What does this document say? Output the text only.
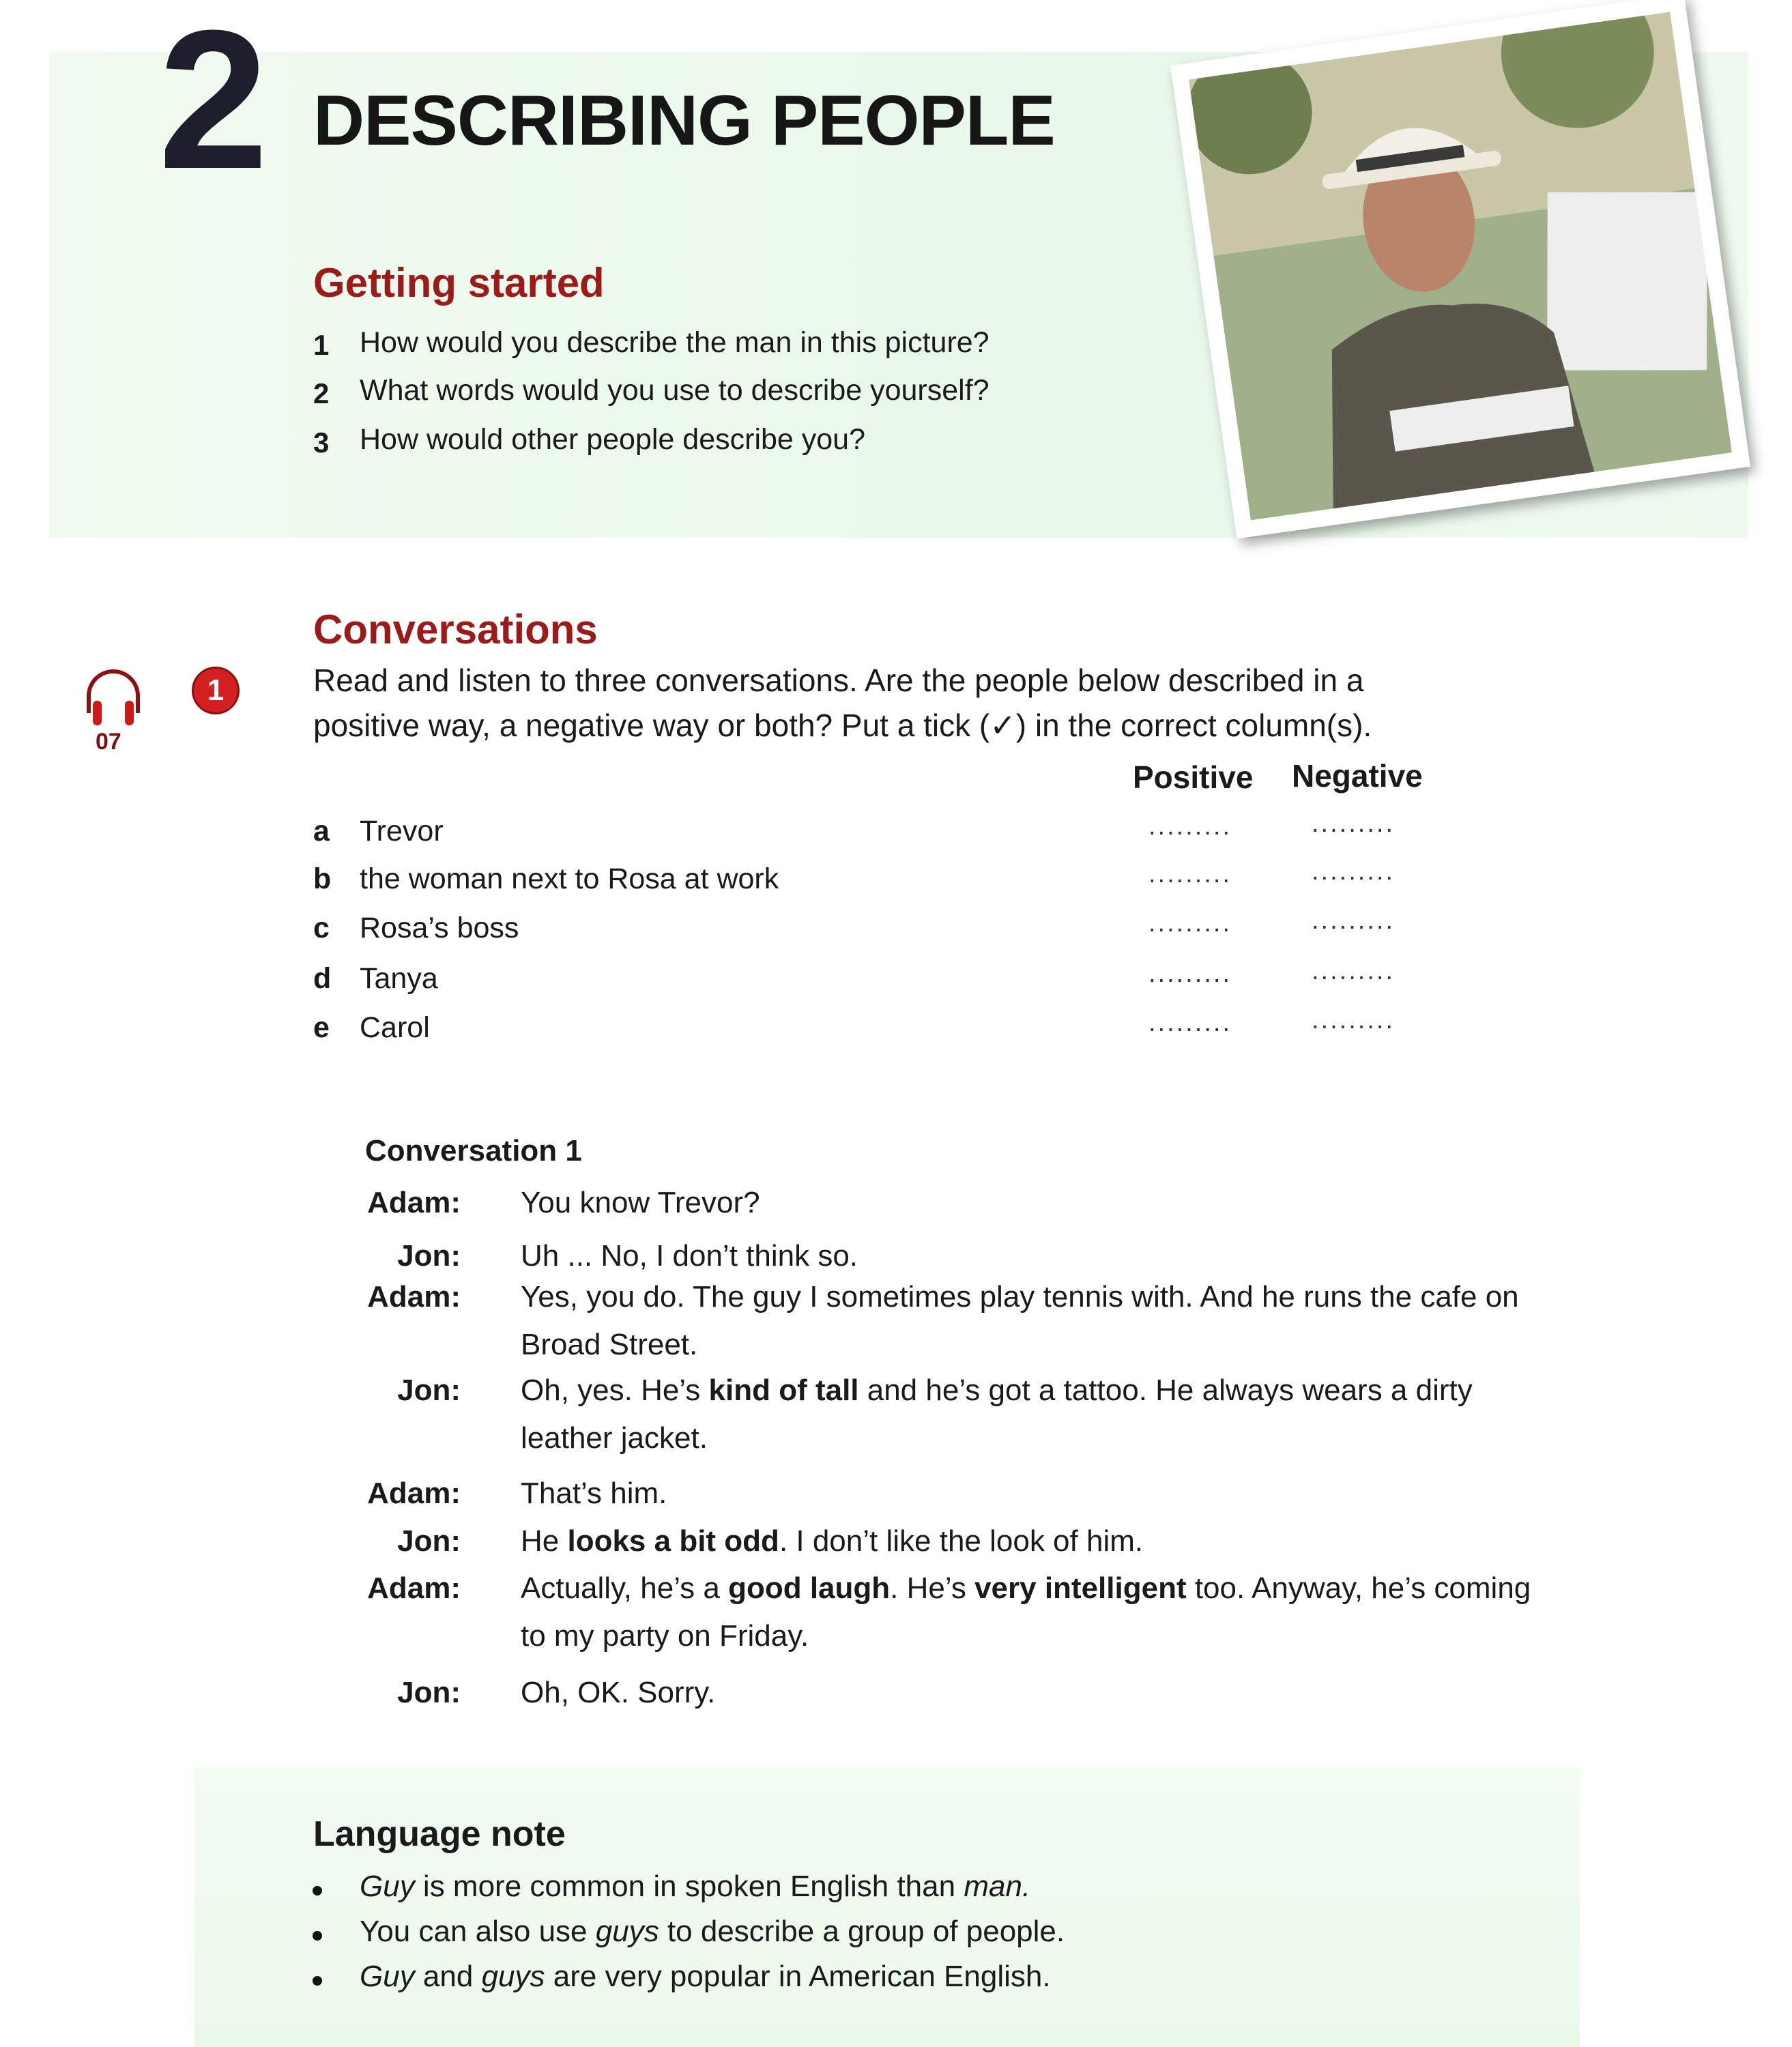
2 DESCRIBING PEOPLE
Getting started
1 How would you describe the man in this picture?
2 What words would you use to describe yourself?
3 How would other people describe you?
Conversations
07
1	Read and listen to three conversations. Are the people below described in a
positive way, a negative way or both? Put a tick (✓) in the correct column(s).
Positive Negative
a Trevor	.........	.........
b the woman next to Rosa at work	.........	.........
c Rosa’s boss	.........	.........
d Tanya	.........	.........
e Carol	.........	.........
Conversation 1
Adam: You know Trevor?
Jon: Uh ... No, I don’t think so.
Adam: Yes, you do. The guy I sometimes play tennis with. And he runs the cafe on Broad Street.
Jon: Oh, yes. He’s kind of tall and he’s got a tattoo. He always wears a dirty leather jacket.
Adam: That’s him.
Jon: He looks a bit odd. I don’t like the look of him.
Adam: Actually, he’s a good laugh. He’s very intelligent too. Anyway, he’s coming to my party on Friday.
Jon: Oh, OK. Sorry.
Language note
Guy is more common in spoken English than man.
You can also use guys to describe a group of people.
Guy and guys are very popular in American English.
